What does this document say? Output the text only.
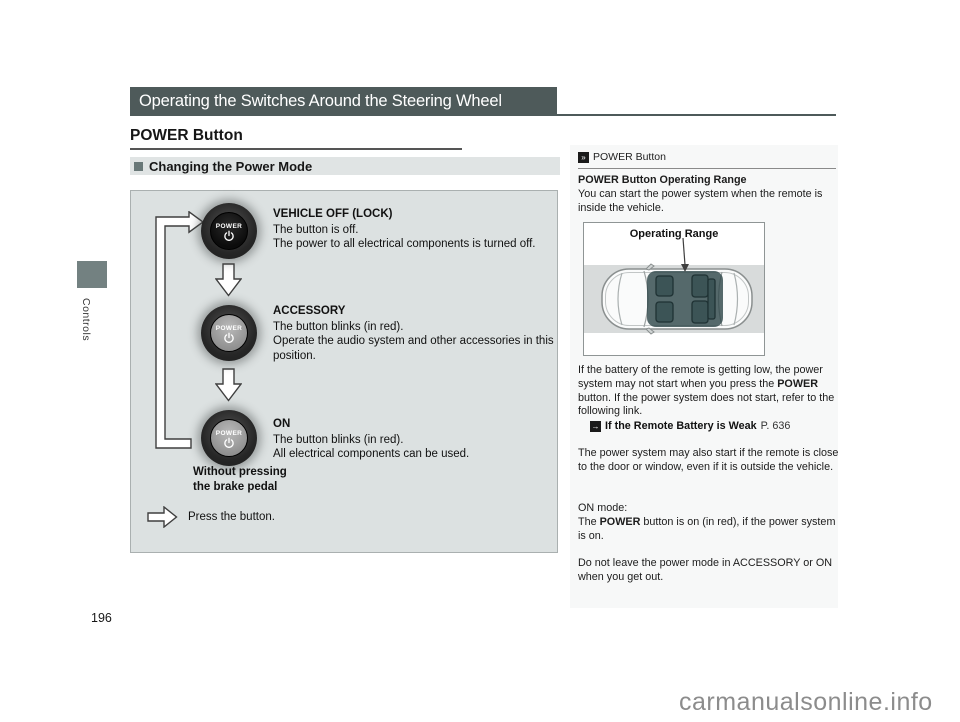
Operating the Switches Around the Steering Wheel
POWER Button
Changing the Power Mode
Controls
196
carmanualsonline.info
POWER
POWER
POWER
VEHICLE OFF (LOCK)
The button is off.
The power to all electrical components is turned off.
ACCESSORY
The button blinks (in red).
Operate the audio system and other accessories in this position.
ON
The button blinks (in red).
All electrical components can be used.
Without pressing
the brake pedal
Press the button.
» POWER Button
POWER Button Operating Range
You can start the power system when the remote is inside the vehicle.
Operating Range
If the battery of the remote is getting low, the power system may not start when you press the POWER button. If the power system does not start, refer to the following link.
→ If the Remote Battery is Weak P. 636
The power system may also start if the remote is close to the door or window, even if it is outside the vehicle.
ON mode:
The POWER button is on (in red), if the power system is on.
Do not leave the power mode in ACCESSORY or ON when you get out.
